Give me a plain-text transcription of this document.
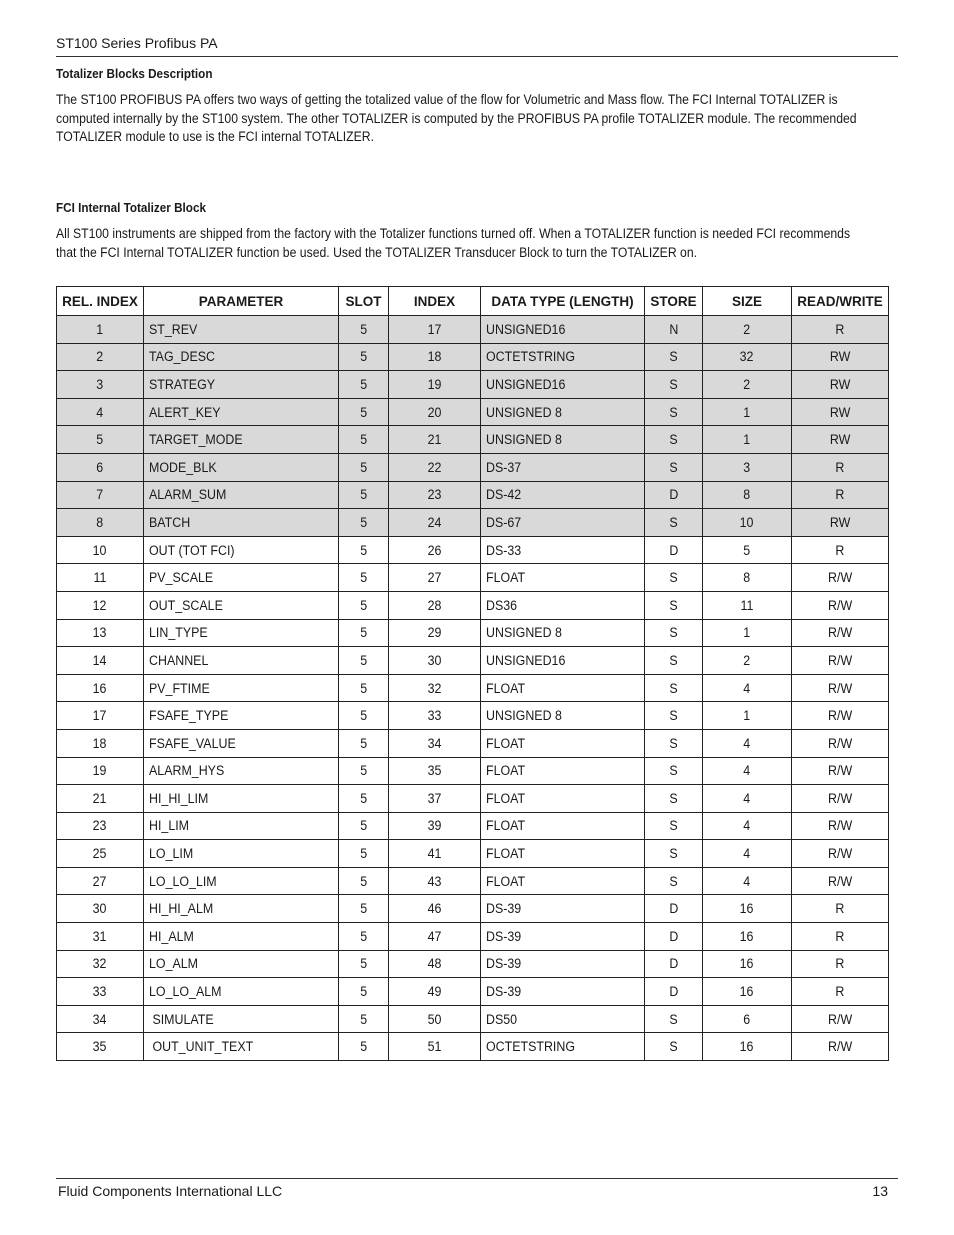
ST100 Series Profibus PA
Totalizer Blocks Description
The ST100 PROFIBUS PA offers two ways of getting the totalized value of the flow for Volumetric and Mass flow. The FCI Internal TOTALIZER is
computed internally by the ST100 system. The other TOTALIZER is computed by the PROFIBUS PA profile TOTALIZER module. The recommended
TOTALIZER module to use is the FCI internal TOTALIZER.
FCI Internal Totalizer Block
All ST100 instruments are shipped from the factory with the Totalizer functions turned off. When a TOTALIZER function is needed FCI recommends
that the FCI Internal TOTALIZER function be used. Used the TOTALIZER Transducer Block to turn the TOTALIZER on.
REL. INDEX	PARAMETER	SLOT	INDEX	DATA TYPE (LENGTH)	STORE	SIZE	READ/WRITE
1	ST_REV	5	17	UNSIGNED16	N	2	R
2	TAG_DESC	5	18	OCTETSTRING	S	32	RW
3	STRATEGY	5	19	UNSIGNED16	S	2	RW
4	ALERT_KEY	5	20	UNSIGNED 8	S	1	RW
5	TARGET_MODE	5	21	UNSIGNED 8	S	1	RW
6	MODE_BLK	5	22	DS-37	S	3	R
7	ALARM_SUM	5	23	DS-42	D	8	R
8	BATCH	5	24	DS-67	S	10	RW
10	OUT (TOT FCI)	5	26	DS-33	D	5	R
11	PV_SCALE	5	27	FLOAT	S	8	R/W
12	OUT_SCALE	5	28	DS36	S	11	R/W
13	LIN_TYPE	5	29	UNSIGNED 8	S	1	R/W
14	CHANNEL	5	30	UNSIGNED16	S	2	R/W
16	PV_FTIME	5	32	FLOAT	S	4	R/W
17	FSAFE_TYPE	5	33	UNSIGNED 8	S	1	R/W
18	FSAFE_VALUE	5	34	FLOAT	S	4	R/W
19	ALARM_HYS	5	35	FLOAT	S	4	R/W
21	HI_HI_LIM	5	37	FLOAT	S	4	R/W
23	HI_LIM	5	39	FLOAT	S	4	R/W
25	LO_LIM	5	41	FLOAT	S	4	R/W
27	LO_LO_LIM	5	43	FLOAT	S	4	R/W
30	HI_HI_ALM	5	46	DS-39	D	16	R
31	HI_ALM	5	47	DS-39	D	16	R
32	LO_ALM	5	48	DS-39	D	16	R
33	LO_LO_ALM	5	49	DS-39	D	16	R
34	SIMULATE	5	50	DS50	S	6	R/W
35	OUT_UNIT_TEXT	5	51	OCTETSTRING	S	16	R/W
Fluid Components International LLC	13
